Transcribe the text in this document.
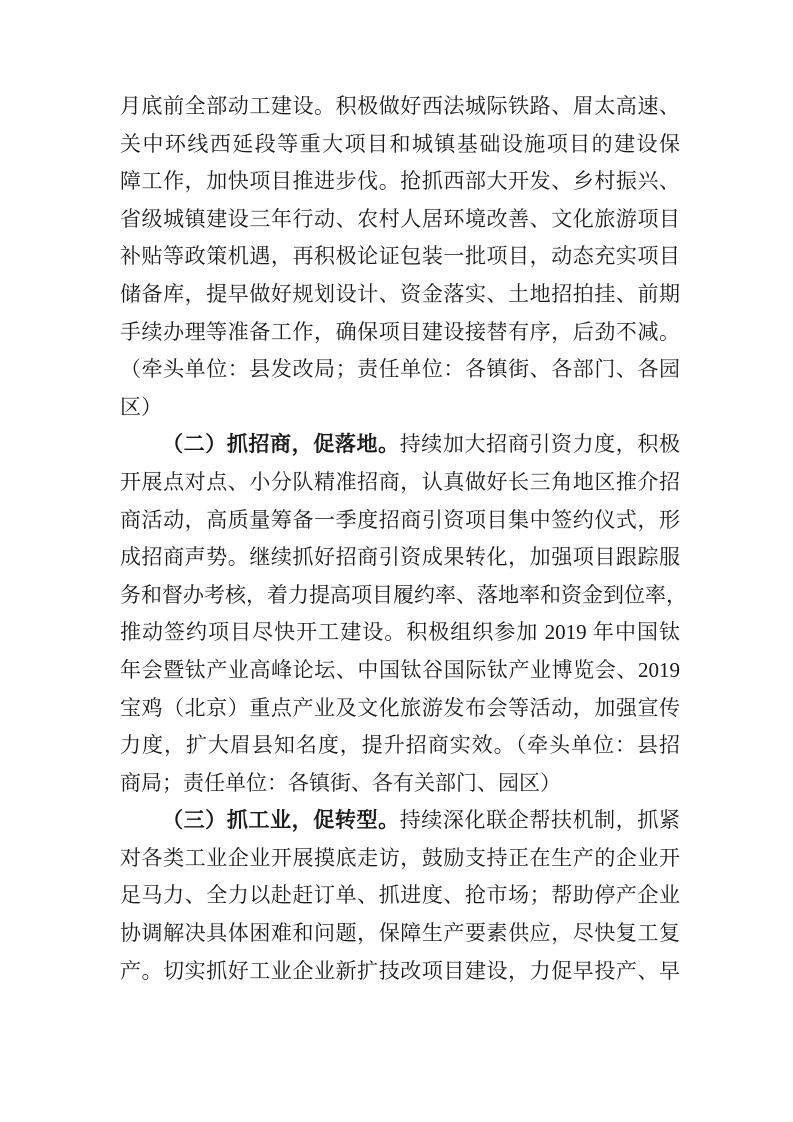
月底前全部动工建设。积极做好西法城际铁路、眉太高速、
关中环线西延段等重大项目和城镇基础设施项目的建设保
障工作，加快项目推进步伐。抢抓西部大开发、乡村振兴、
省级城镇建设三年行动、农村人居环境改善、文化旅游项目
补贴等政策机遇，再积极论证包装一批项目，动态充实项目
储备库，提早做好规划设计、资金落实、土地招拍挂、前期
手续办理等准备工作，确保项目建设接替有序，后劲不减。
（牵头单位：县发改局；责任单位：各镇街、各部门、各园
区）
（二）抓招商，促落地。持续加大招商引资力度，积极
开展点对点、小分队精准招商，认真做好长三角地区推介招
商活动，高质量筹备一季度招商引资项目集中签约仪式，形
成招商声势。继续抓好招商引资成果转化，加强项目跟踪服
务和督办考核，着力提高项目履约率、落地率和资金到位率，
推动签约项目尽快开工建设。积极组织参加 2019 年中国钛
年会暨钛产业高峰论坛、中国钛谷国际钛产业博览会、2019
宝鸡（北京）重点产业及文化旅游发布会等活动，加强宣传
力度，扩大眉县知名度，提升招商实效。（牵头单位：县招
商局；责任单位：各镇街、各有关部门、园区）
（三）抓工业，促转型。持续深化联企帮扶机制，抓紧
对各类工业企业开展摸底走访，鼓励支持正在生产的企业开
足马力、全力以赴赶订单、抓进度、抢市场；帮助停产企业
协调解决具体困难和问题，保障生产要素供应，尽快复工复
产。切实抓好工业企业新扩技改项目建设，力促早投产、早
